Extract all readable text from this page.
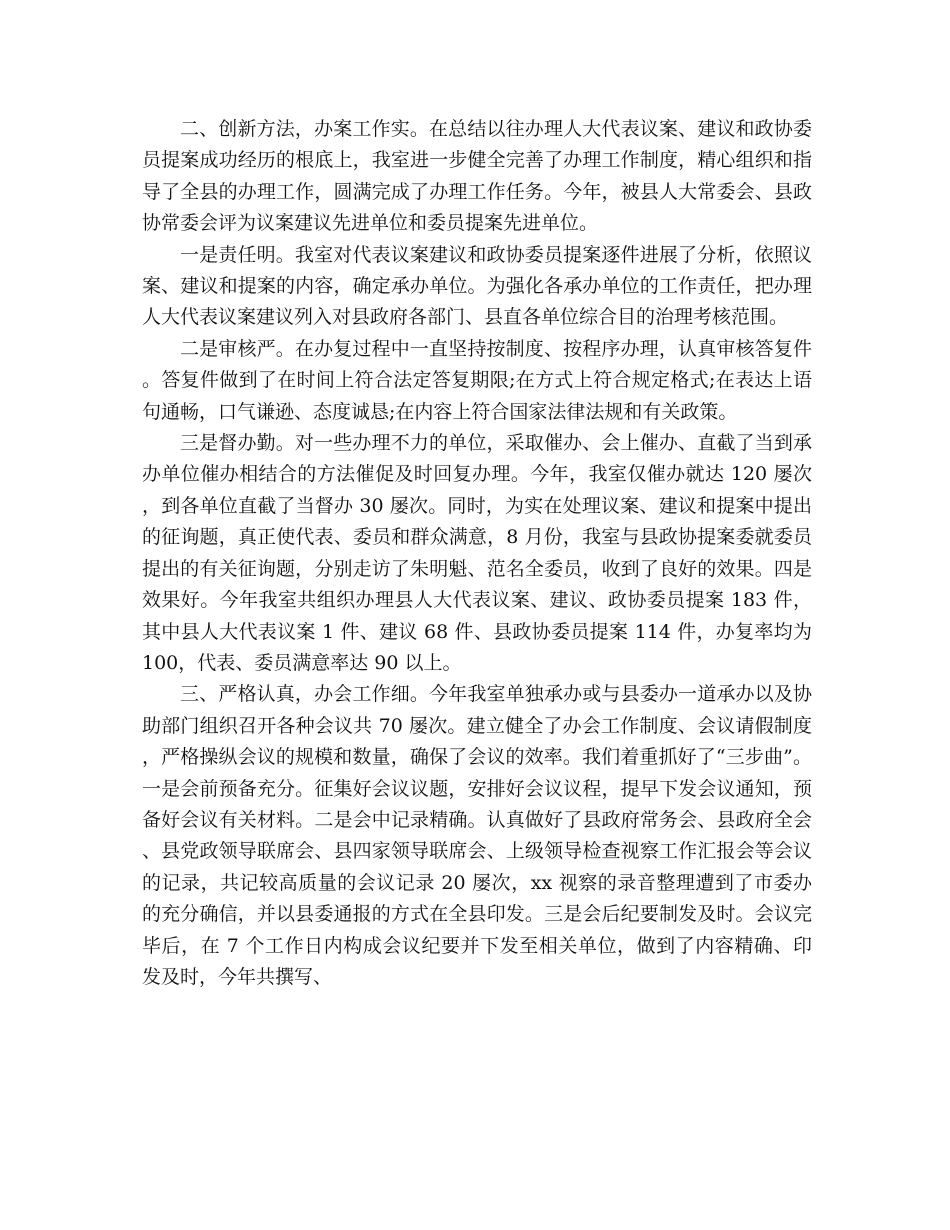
二、创新方法，办案工作实。在总结以往办理人大代表议案、建议和政协委员提案成功经历的根底上，我室进一步健全完善了办理工作制度，精心组织和指导了全县的办理工作，圆满完成了办理工作任务。今年，被县人大常委会、县政协常委会评为议案建议先进单位和委员提案先进单位。

一是责任明。我室对代表议案建议和政协委员提案逐件进展了分析，依照议案、建议和提案的内容，确定承办单位。为强化各承办单位的工作责任，把办理人大代表议案建议列入对县政府各部门、县直各单位综合目的治理考核范围。

二是审核严。在办复过程中一直坚持按制度、按程序办理，认真审核答复件。答复件做到了在时间上符合法定答复期限;在方式上符合规定格式;在表达上语句通畅，口气谦逊、态度诚恳;在内容上符合国家法律法规和有关政策。

三是督办勤。对一些办理不力的单位，采取催办、会上催办、直截了当到承办单位催办相结合的方法催促及时回复办理。今年，我室仅催办就达 120 屡次，到各单位直截了当督办 30 屡次。同时，为实在处理议案、建议和提案中提出的征询题，真正使代表、委员和群众满意，8 月份，我室与县政协提案委就委员提出的有关征询题，分别走访了朱明魁、范名全委员，收到了良好的效果。四是效果好。今年我室共组织办理县人大代表议案、建议、政协委员提案 183 件，其中县人大代表议案 1 件、建议 68 件、县政协委员提案 114 件，办复率均为 100，代表、委员满意率达 90 以上。

三、严格认真，办会工作细。今年我室单独承办或与县委办一道承办以及协助部门组织召开各种会议共 70 屡次。建立健全了办会工作制度、会议请假制度，严格操纵会议的规模和数量，确保了会议的效率。我们着重抓好了“三步曲”。一是会前预备充分。征集好会议议题，安排好会议议程，提早下发会议通知，预备好会议有关材料。二是会中记录精确。认真做好了县政府常务会、县政府全会、县党政领导联席会、县四家领导联席会、上级领导检查视察工作汇报会等会议的记录，共记较高质量的会议记录 20 屡次，xx 视察的录音整理遭到了市委办的充分确信，并以县委通报的方式在全县印发。三是会后纪要制发及时。会议完毕后，在 7 个工作日内构成会议纪要并下发至相关单位，做到了内容精确、印发及时，今年共撰写、
